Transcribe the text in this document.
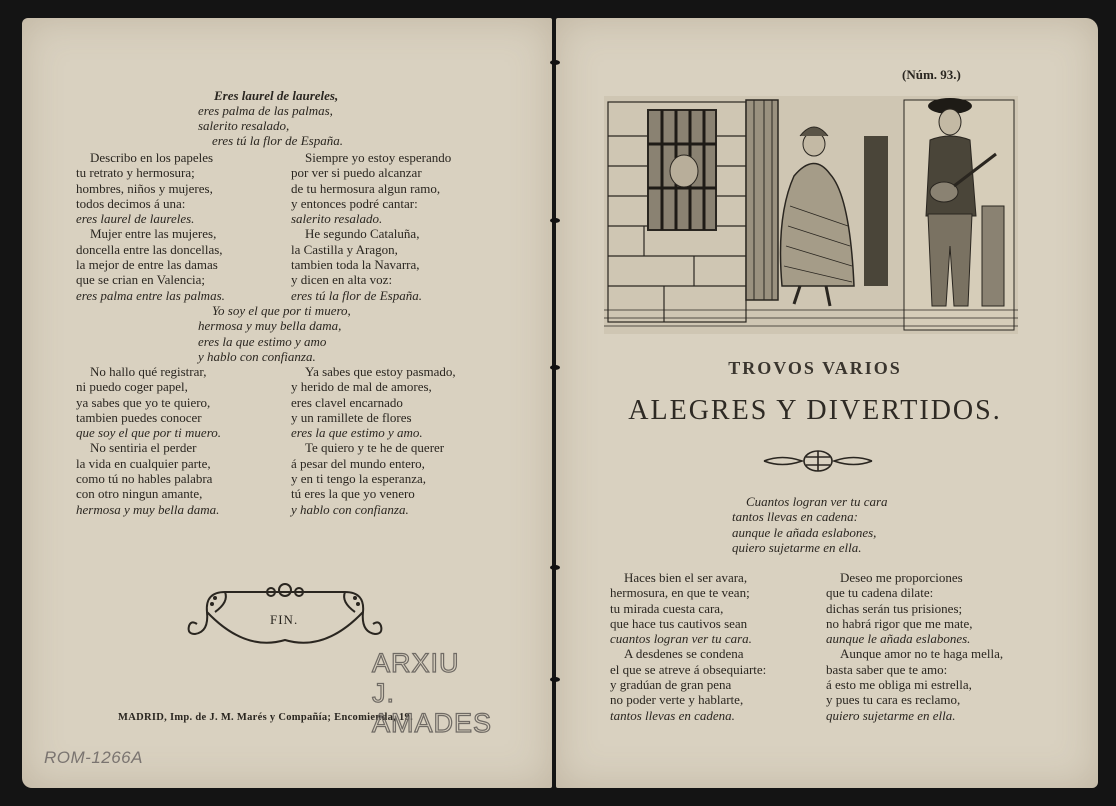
Eres laurel de laureles,
eres palma de las palmas,
salerito resalado,
eres tú la flor de España.
Describo en los papeles
tu retrato y hermosura;
hombres, niños y mujeres,
todos decimos á una:
eres laurel de laureles.
Mujer entre las mujeres,
doncella entre las doncellas,
la mejor de entre las damas
que se crian en Valencia;
eres palma entre las palmas.
Siempre yo estoy esperando
por ver si puedo alcanzar
de tu hermosura algun ramo,
y entonces podré cantar:
salerito resalado.
He segundo Cataluña,
la Castilla y Aragon,
tambien toda la Navarra,
y dicen en alta voz:
eres tú la flor de España.
Yo soy el que por ti muero,
hermosa y muy bella dama,
eres la que estimo y amo
y hablo con confianza.
No hallo qué registrar,
ni puedo coger papel,
ya sabes que yo te quiero,
tambien puedes conocer
que soy el que por ti muero.
No sentiria el perder
la vida en cualquier parte,
como tú no hables palabra
con otro ningun amante,
hermosa y muy bella dama.
Ya sabes que estoy pasmado,
y herido de mal de amores,
eres clavel encarnado
y un ramillete de flores
eres la que estimo y amo.
Te quiero y te he de querer
á pesar del mundo entero,
y en ti tengo la esperanza,
tú eres la que yo venero
y hablo con confianza.
FIN.
MADRID, Imp. de J. M. Marés y Compañía; Encomienda, 19.
ARXIU J.
AMADES
ROM-1266A
(Núm. 93.)
TROVOS VARIOS
ALEGRES Y DIVERTIDOS.
Cuantos logran ver tu cara
tantos llevas en cadena:
aunque le añada eslabones,
quiero sujetarme en ella.
Haces bien el ser avara,
hermosura, en que te vean;
tu mirada cuesta cara,
que hace tus cautivos sean
cuantos logran ver tu cara.
A desdenes se condena
el que se atreve á obsequiarte:
y gradúan de gran pena
no poder verte y hablarte,
tantos llevas en cadena.
Deseo me proporciones
que tu cadena dilate:
dichas serán tus prisiones;
no habrá rigor que me mate,
aunque le añada eslabones.
Aunque amor no te haga mella,
basta saber que te amo:
á esto me obliga mi estrella,
y pues tu cara es reclamo,
quiero sujetarme en ella.
